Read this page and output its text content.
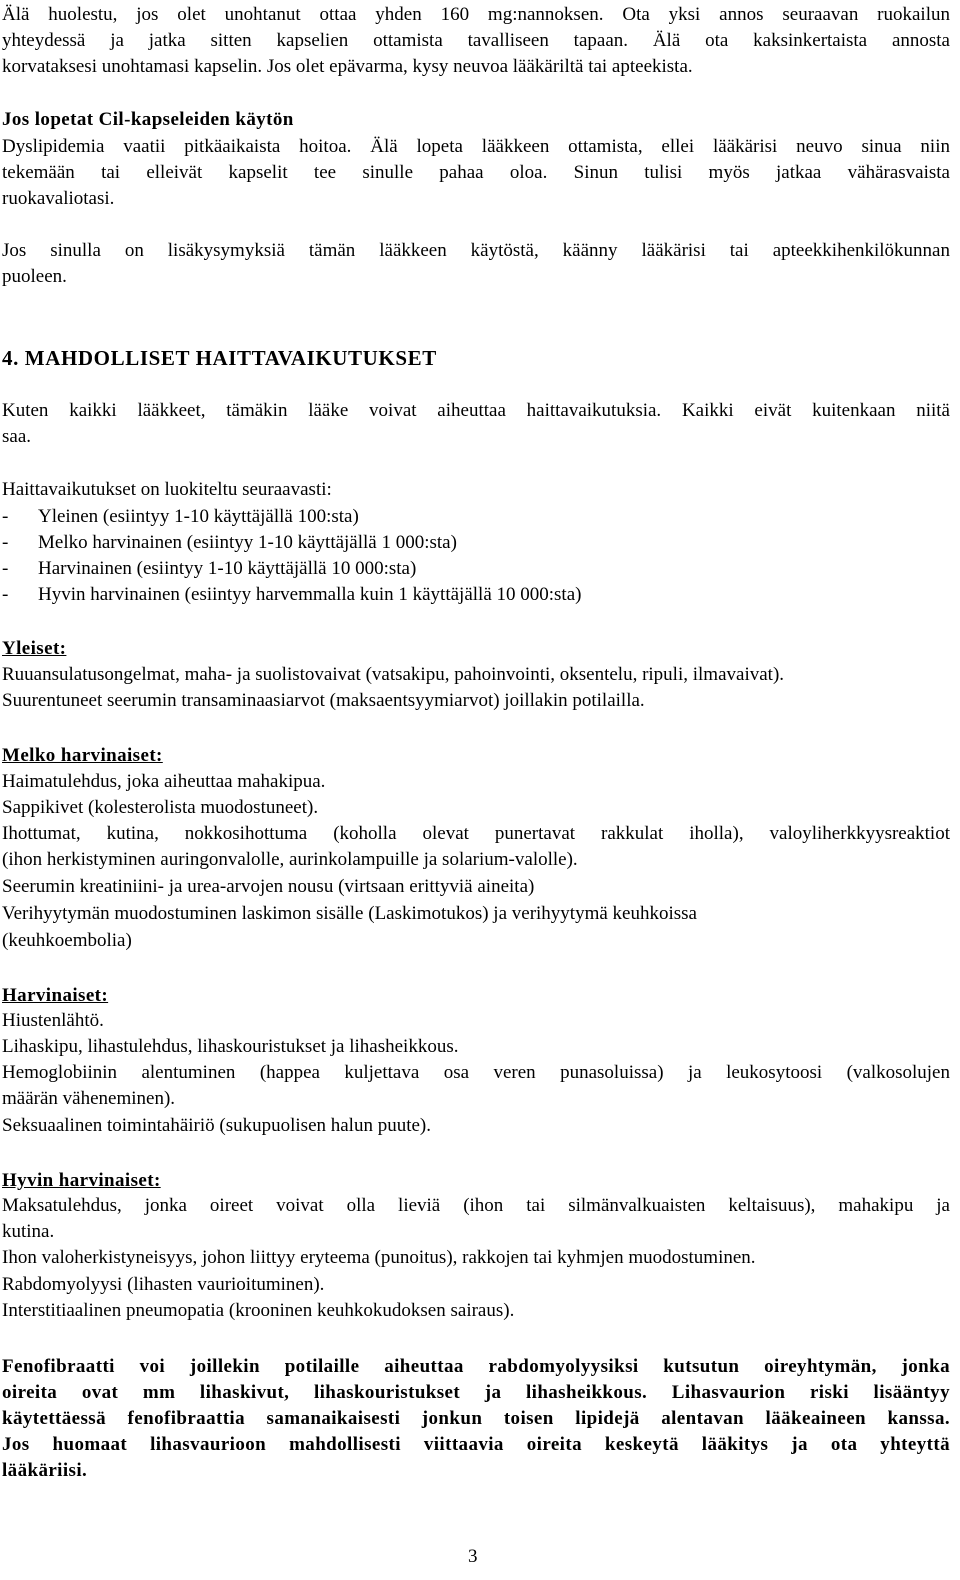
Älä huolestu, jos olet unohtanut ottaa yhden 160 mg:nannoksen. Ota yksi annos seuraavan ruokailun
yhteydessä ja jatka sitten kapselien ottamista tavalliseen tapaan. Älä ota kaksinkertaista annosta
korvataksesi unohtamasi kapselin. Jos olet epävarma, kysy neuvoa lääkäriltä tai apteekista.
Jos lopetat Cil-kapseleiden käytön
Dyslipidemia vaatii pitkäaikaista hoitoa. Älä lopeta lääkkeen ottamista, ellei lääkärisi neuvo sinua niin
tekemään tai elleivät kapselit tee sinulle pahaa oloa. Sinun tulisi myös jatkaa vähärasvaista
ruokavaliotasi.
Jos sinulla on lisäkysymyksiä tämän lääkkeen käytöstä, käänny lääkärisi tai apteekkihenkilökunnan
puoleen.
4. MAHDOLLISET HAITTAVAIKUTUKSET
Kuten kaikki lääkkeet, tämäkin lääke voivat aiheuttaa haittavaikutuksia. Kaikki eivät kuitenkaan niitä
saa.
Haittavaikutukset on luokiteltu seuraavasti:
- Yleinen (esiintyy 1-10 käyttäjällä 100:sta)
- Melko harvinainen (esiintyy 1-10 käyttäjällä 1 000:sta)
- Harvinainen (esiintyy 1-10 käyttäjällä 10 000:sta)
- Hyvin harvinainen (esiintyy harvemmalla kuin 1 käyttäjällä 10 000:sta)
Yleiset:
Ruuansulatusongelmat, maha- ja suolistovaivat (vatsakipu, pahoinvointi, oksentelu, ripuli, ilmavaivat).
Suurentuneet seerumin transaminaasiarvot (maksaentsyymiarvot) joillakin potilailla.
Melko harvinaiset:
Haimatulehdus, joka aiheuttaa mahakipua.
Sappikivet (kolesterolista muodostuneet).
Ihottumat, kutina, nokkosihottuma (koholla olevat punertavat rakkulat iholla), valoyliherkkyysreaktiot
(ihon herkistyminen auringonvalolle, aurinkolampuille ja solarium-valolle).
Seerumin kreatiniini- ja urea-arvojen nousu (virtsaan erittyviä aineita)
Verihyytymän muodostuminen laskimon sisälle (Laskimotukos) ja verihyytymä keuhkoissa
(keuhkoembolia)
Harvinaiset:
Hiustenlähtö.
Lihaskipu, lihastulehdus, lihaskouristukset ja lihasheikkous.
Hemoglobiinin alentuminen (happea kuljettava osa veren punasoluissa) ja leukosytoosi (valkosolujen
määrän väheneminen).
Seksuaalinen toimintahäiriö (sukupuolisen halun puute).
Hyvin harvinaiset:
Maksatulehdus, jonka oireet voivat olla lieviä (ihon tai silmänvalkuaisten keltaisuus), mahakipu ja
kutina.
Ihon valoherkistyneisyys, johon liittyy eryteema (punoitus), rakkojen tai kyhmjen muodostuminen.
Rabdomyolyysi (lihasten vaurioituminen).
Interstitiaalinen pneumopatia (krooninen keuhkokudoksen sairaus).
Fenofibraatti voi joillekin potilaille aiheuttaa rabdomyolyysiksi kutsutun oireyhtymän, jonka
oireita ovat mm lihaskivut, lihaskouristukset ja lihasheikkous. Lihasvaurion riski lisääntyy
käytettäessä fenofibraattia samanaikaisesti jonkun toisen lipidejä alentavan lääkeaineen kanssa.
Jos huomaat lihasvaurioon mahdollisesti viittaavia oireita keskeytä lääkitys ja ota yhteyttä
lääkäriisi.
3
